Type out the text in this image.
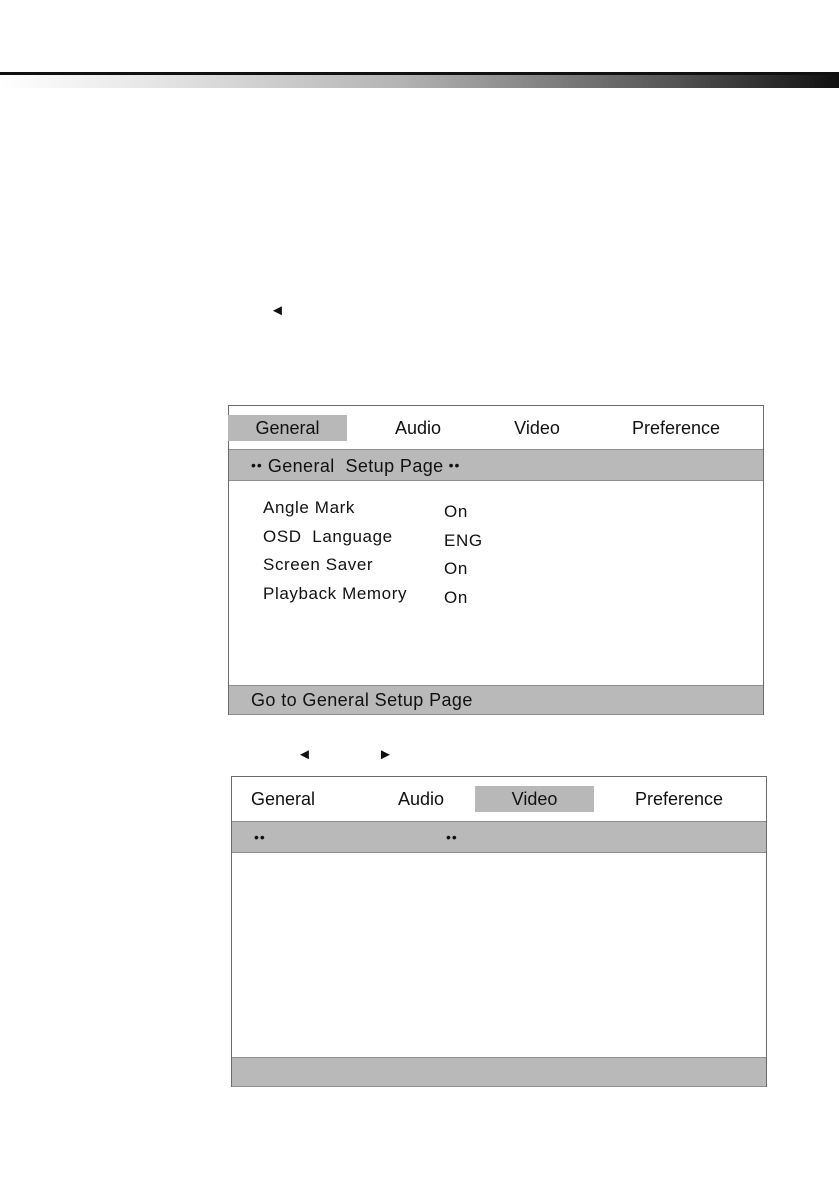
◄
General	Audio	Video	Preference
•• General  Setup Page ••
Angle Mark	On
OSD  Language	ENG
Screen Saver	On
Playback Memory On
Go to General Setup Page
◄	►
General	Audio	Video	Preference
••	••
